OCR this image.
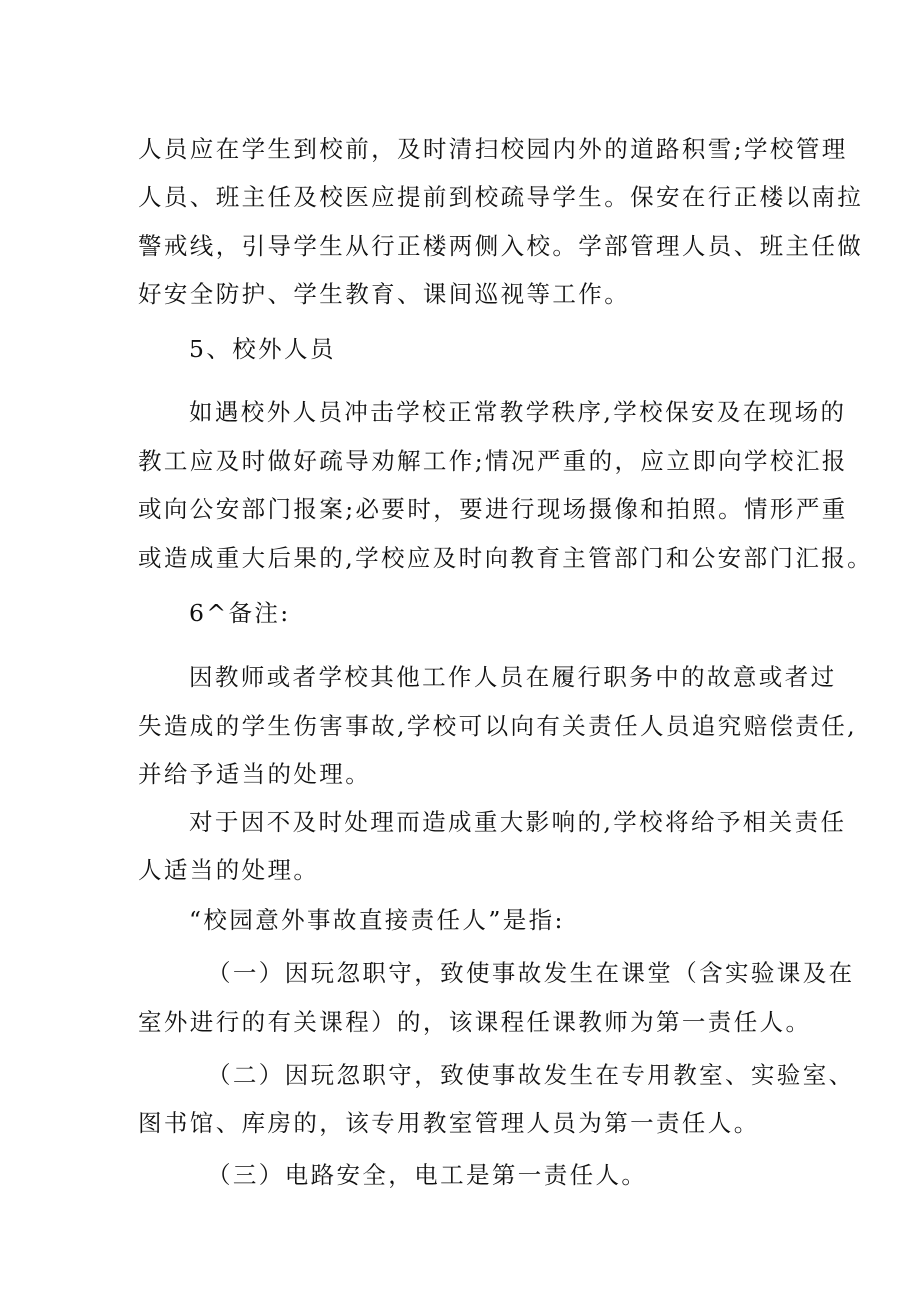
人员应在学生到校前，及时清扫校园内外的道路积雪;学校管理
人员、班主任及校医应提前到校疏导学生。保安在行正楼以南拉
警戒线，引导学生从行正楼两侧入校。学部管理人员、班主任做
好安全防护、学生教育、课间巡视等工作。
5、校外人员
如遇校外人员冲击学校正常教学秩序,学校保安及在现场的
教工应及时做好疏导劝解工作;情况严重的，应立即向学校汇报
或向公安部门报案;必要时，要进行现场摄像和拍照。情形严重
或造成重大后果的,学校应及时向教育主管部门和公安部门汇报。
6^备注:
因教师或者学校其他工作人员在履行职务中的故意或者过
失造成的学生伤害事故,学校可以向有关责任人员追究赔偿责任,
并给予适当的处理。
对于因不及时处理而造成重大影响的,学校将给予相关责任
人适当的处理。
“校园意外事故直接责任人”是指:
（一）因玩忽职守，致使事故发生在课堂（含实验课及在
室外进行的有关课程）的，该课程任课教师为第一责任人。
（二）因玩忽职守，致使事故发生在专用教室、实验室、
图书馆、库房的，该专用教室管理人员为第一责任人。
（三）电路安全，电工是第一责任人。
